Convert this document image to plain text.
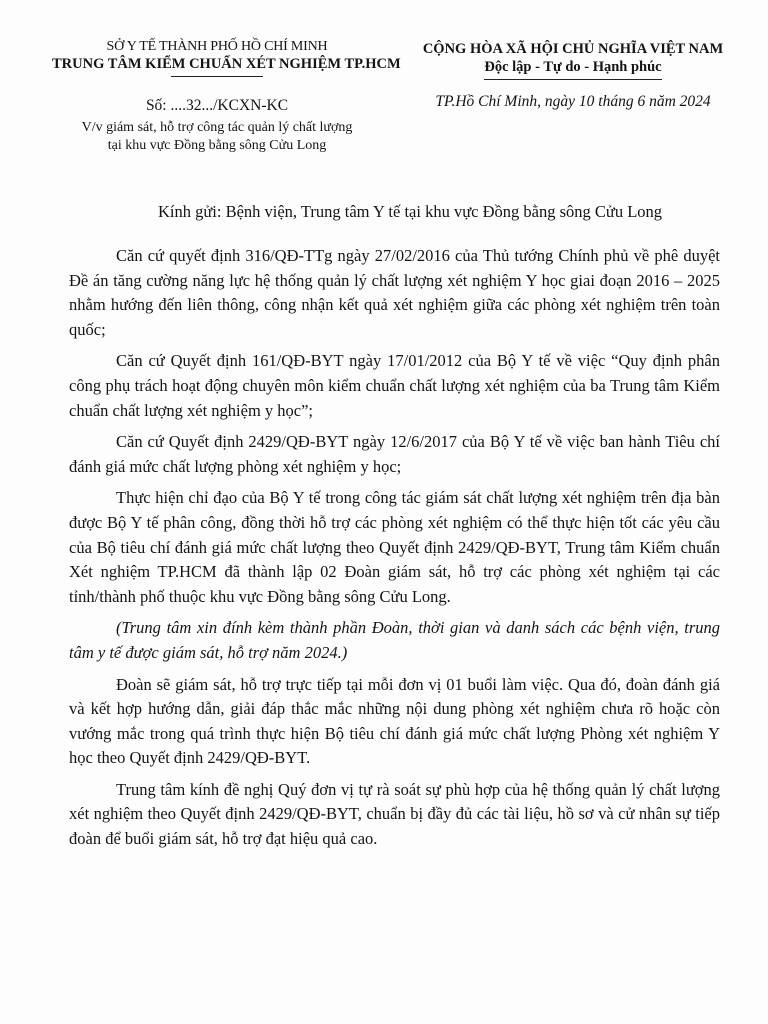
SỞ Y TẾ THÀNH PHỐ HỒ CHÍ MINH
TRUNG TÂM KIỂM CHUẨN XÉT NGHIỆM TP.HCM
CỘNG HÒA XÃ HỘI CHỦ NGHĨA VIỆT NAM
Độc lập - Tự do - Hạnh phúc
Số: ....32.../KCXN-KC
V/v giám sát, hỗ trợ công tác quản lý chất lượng
tại khu vực Đồng bằng sông Cửu Long
TP.Hồ Chí Minh, ngày 10 tháng 6 năm 2024
Kính gửi: Bệnh viện, Trung tâm Y tế tại khu vực Đồng bằng sông Cửu Long

Căn cứ quyết định 316/QĐ-TTg ngày 27/02/2016 của Thủ tướng Chính phủ về phê duyệt Đề án tăng cường năng lực hệ thống quản lý chất lượng xét nghiệm Y học giai đoạn 2016 – 2025 nhằm hướng đến liên thông, công nhận kết quả xét nghiệm giữa các phòng xét nghiệm trên toàn quốc;

Căn cứ Quyết định 161/QĐ-BYT ngày 17/01/2012 của Bộ Y tế về việc “Quy định phân công phụ trách hoạt động chuyên môn kiểm chuẩn chất lượng xét nghiệm của ba Trung tâm Kiểm chuẩn chất lượng xét nghiệm y học”;

Căn cứ Quyết định 2429/QĐ-BYT ngày 12/6/2017 của Bộ Y tế về việc ban hành Tiêu chí đánh giá mức chất lượng phòng xét nghiệm y học;

Thực hiện chỉ đạo của Bộ Y tế trong công tác giám sát chất lượng xét nghiệm trên địa bàn được Bộ Y tế phân công, đồng thời hỗ trợ các phòng xét nghiệm có thể thực hiện tốt các yêu cầu của Bộ tiêu chí đánh giá mức chất lượng theo Quyết định 2429/QĐ-BYT, Trung tâm Kiểm chuẩn Xét nghiệm TP.HCM đã thành lập 02 Đoàn giám sát, hỗ trợ các phòng xét nghiệm tại các tỉnh/thành phố thuộc khu vực Đồng bằng sông Cửu Long.

(Trung tâm xin đính kèm thành phần Đoàn, thời gian và danh sách các bệnh viện, trung tâm y tế được giám sát, hỗ trợ năm 2024.)

Đoàn sẽ giám sát, hỗ trợ trực tiếp tại mỗi đơn vị 01 buổi làm việc. Qua đó, đoàn đánh giá và kết hợp hướng dẫn, giải đáp thắc mắc những nội dung phòng xét nghiệm chưa rõ hoặc còn vướng mắc trong quá trình thực hiện Bộ tiêu chí đánh giá mức chất lượng Phòng xét nghiệm Y học theo Quyết định 2429/QĐ-BYT.

Trung tâm kính đề nghị Quý đơn vị tự rà soát sự phù hợp của hệ thống quản lý chất lượng xét nghiệm theo Quyết định 2429/QĐ-BYT, chuẩn bị đầy đủ các tài liệu, hồ sơ và cử nhân sự tiếp đoàn để buổi giám sát, hỗ trợ đạt hiệu quả cao.
